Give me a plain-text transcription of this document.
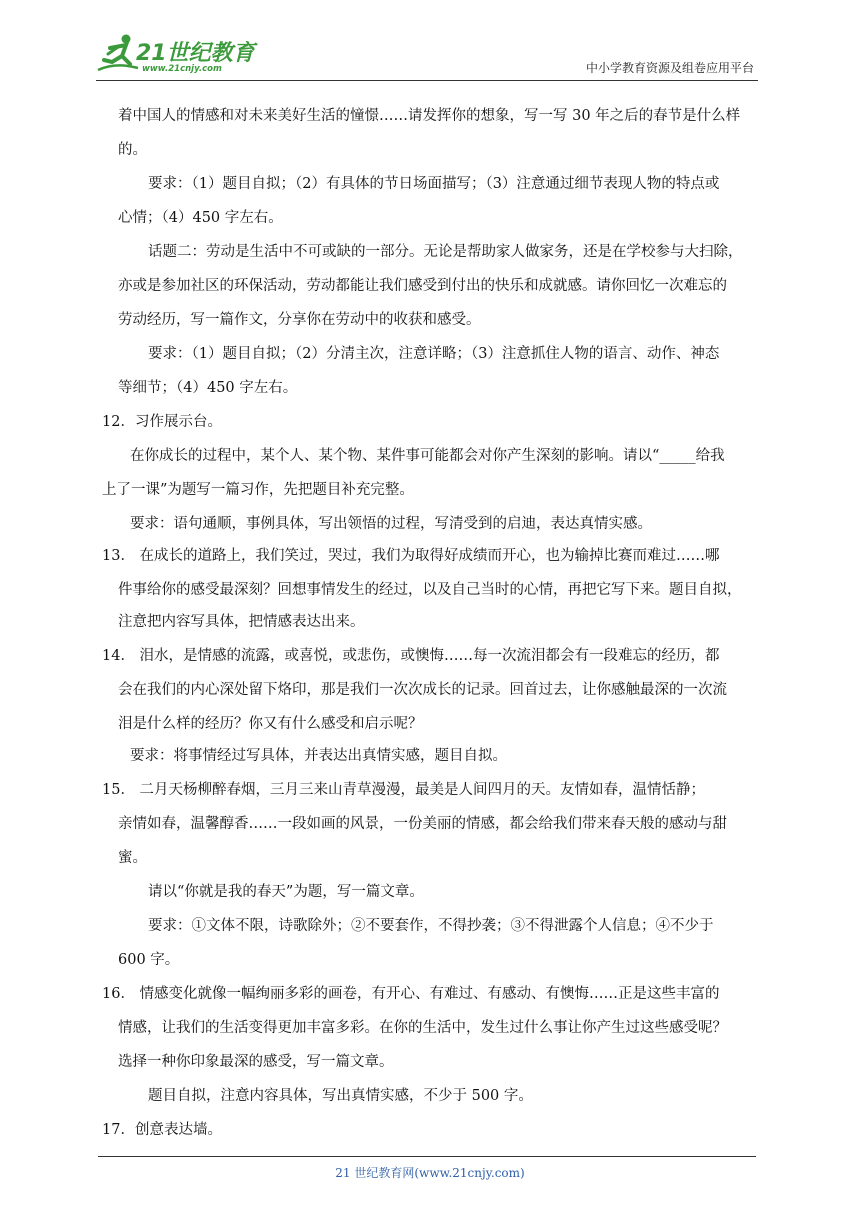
21世纪教育
www.21cnjy.com	中小学教育资源及组卷应用平台
着中国人的情感和对未来美好生活的憧憬……请发挥你的想象，写一写 30 年之后的春节是什么样
的。
要求：（1）题目自拟；（2）有具体的节日场面描写；（3）注意通过细节表现人物的特点或
心情；（4）450 字左右。
话题二：劳动是生活中不可或缺的一部分。无论是帮助家人做家务，还是在学校参与大扫除，
亦或是参加社区的环保活动，劳动都能让我们感受到付出的快乐和成就感。请你回忆一次难忘的
劳动经历，写一篇作文，分享你在劳动中的收获和感受。
要求：（1）题目自拟；（2）分清主次，注意详略；（3）注意抓住人物的语言、动作、神态
等细节；（4）450 字左右。
12．习作展示台。
在你成长的过程中，某个人、某个物、某件事可能都会对你产生深刻的影响。请以“_____给我
上了一课”为题写一篇习作，先把题目补充完整。
要求：语句通顺，事例具体，写出领悟的过程，写清受到的启迪，表达真情实感。
13． 在成长的道路上，我们笑过，哭过，我们为取得好成绩而开心，也为输掉比赛而难过……哪
件事给你的感受最深刻？回想事情发生的经过，以及自己当时的心情，再把它写下来。题目自拟，
注意把内容写具体，把情感表达出来。
14． 泪水，是情感的流露，或喜悦，或悲伤，或懊悔……每一次流泪都会有一段难忘的经历，都
会在我们的内心深处留下烙印，那是我们一次次成长的记录。回首过去，让你感触最深的一次流
泪是什么样的经历？你又有什么感受和启示呢？
要求：将事情经过写具体，并表达出真情实感，题目自拟。
15． 二月天杨柳醉春烟，三月三来山青草漫漫，最美是人间四月的天。友情如春，温情恬静；
亲情如春，温馨醇香……一段如画的风景，一份美丽的情感，都会给我们带来春天般的感动与甜
蜜。
请以“你就是我的春天”为题，写一篇文章。
要求：①文体不限，诗歌除外；②不要套作，不得抄袭；③不得泄露个人信息；④不少于
600 字。
16． 情感变化就像一幅绚丽多彩的画卷，有开心、有难过、有感动、有懊悔……正是这些丰富的
情感，让我们的生活变得更加丰富多彩。在你的生活中，发生过什么事让你产生过这些感受呢？
选择一种你印象最深的感受，写一篇文章。
题目自拟，注意内容具体，写出真情实感，不少于 500 字。
17．创意表达墙。
21 世纪教育网(www.21cnjy.com)
